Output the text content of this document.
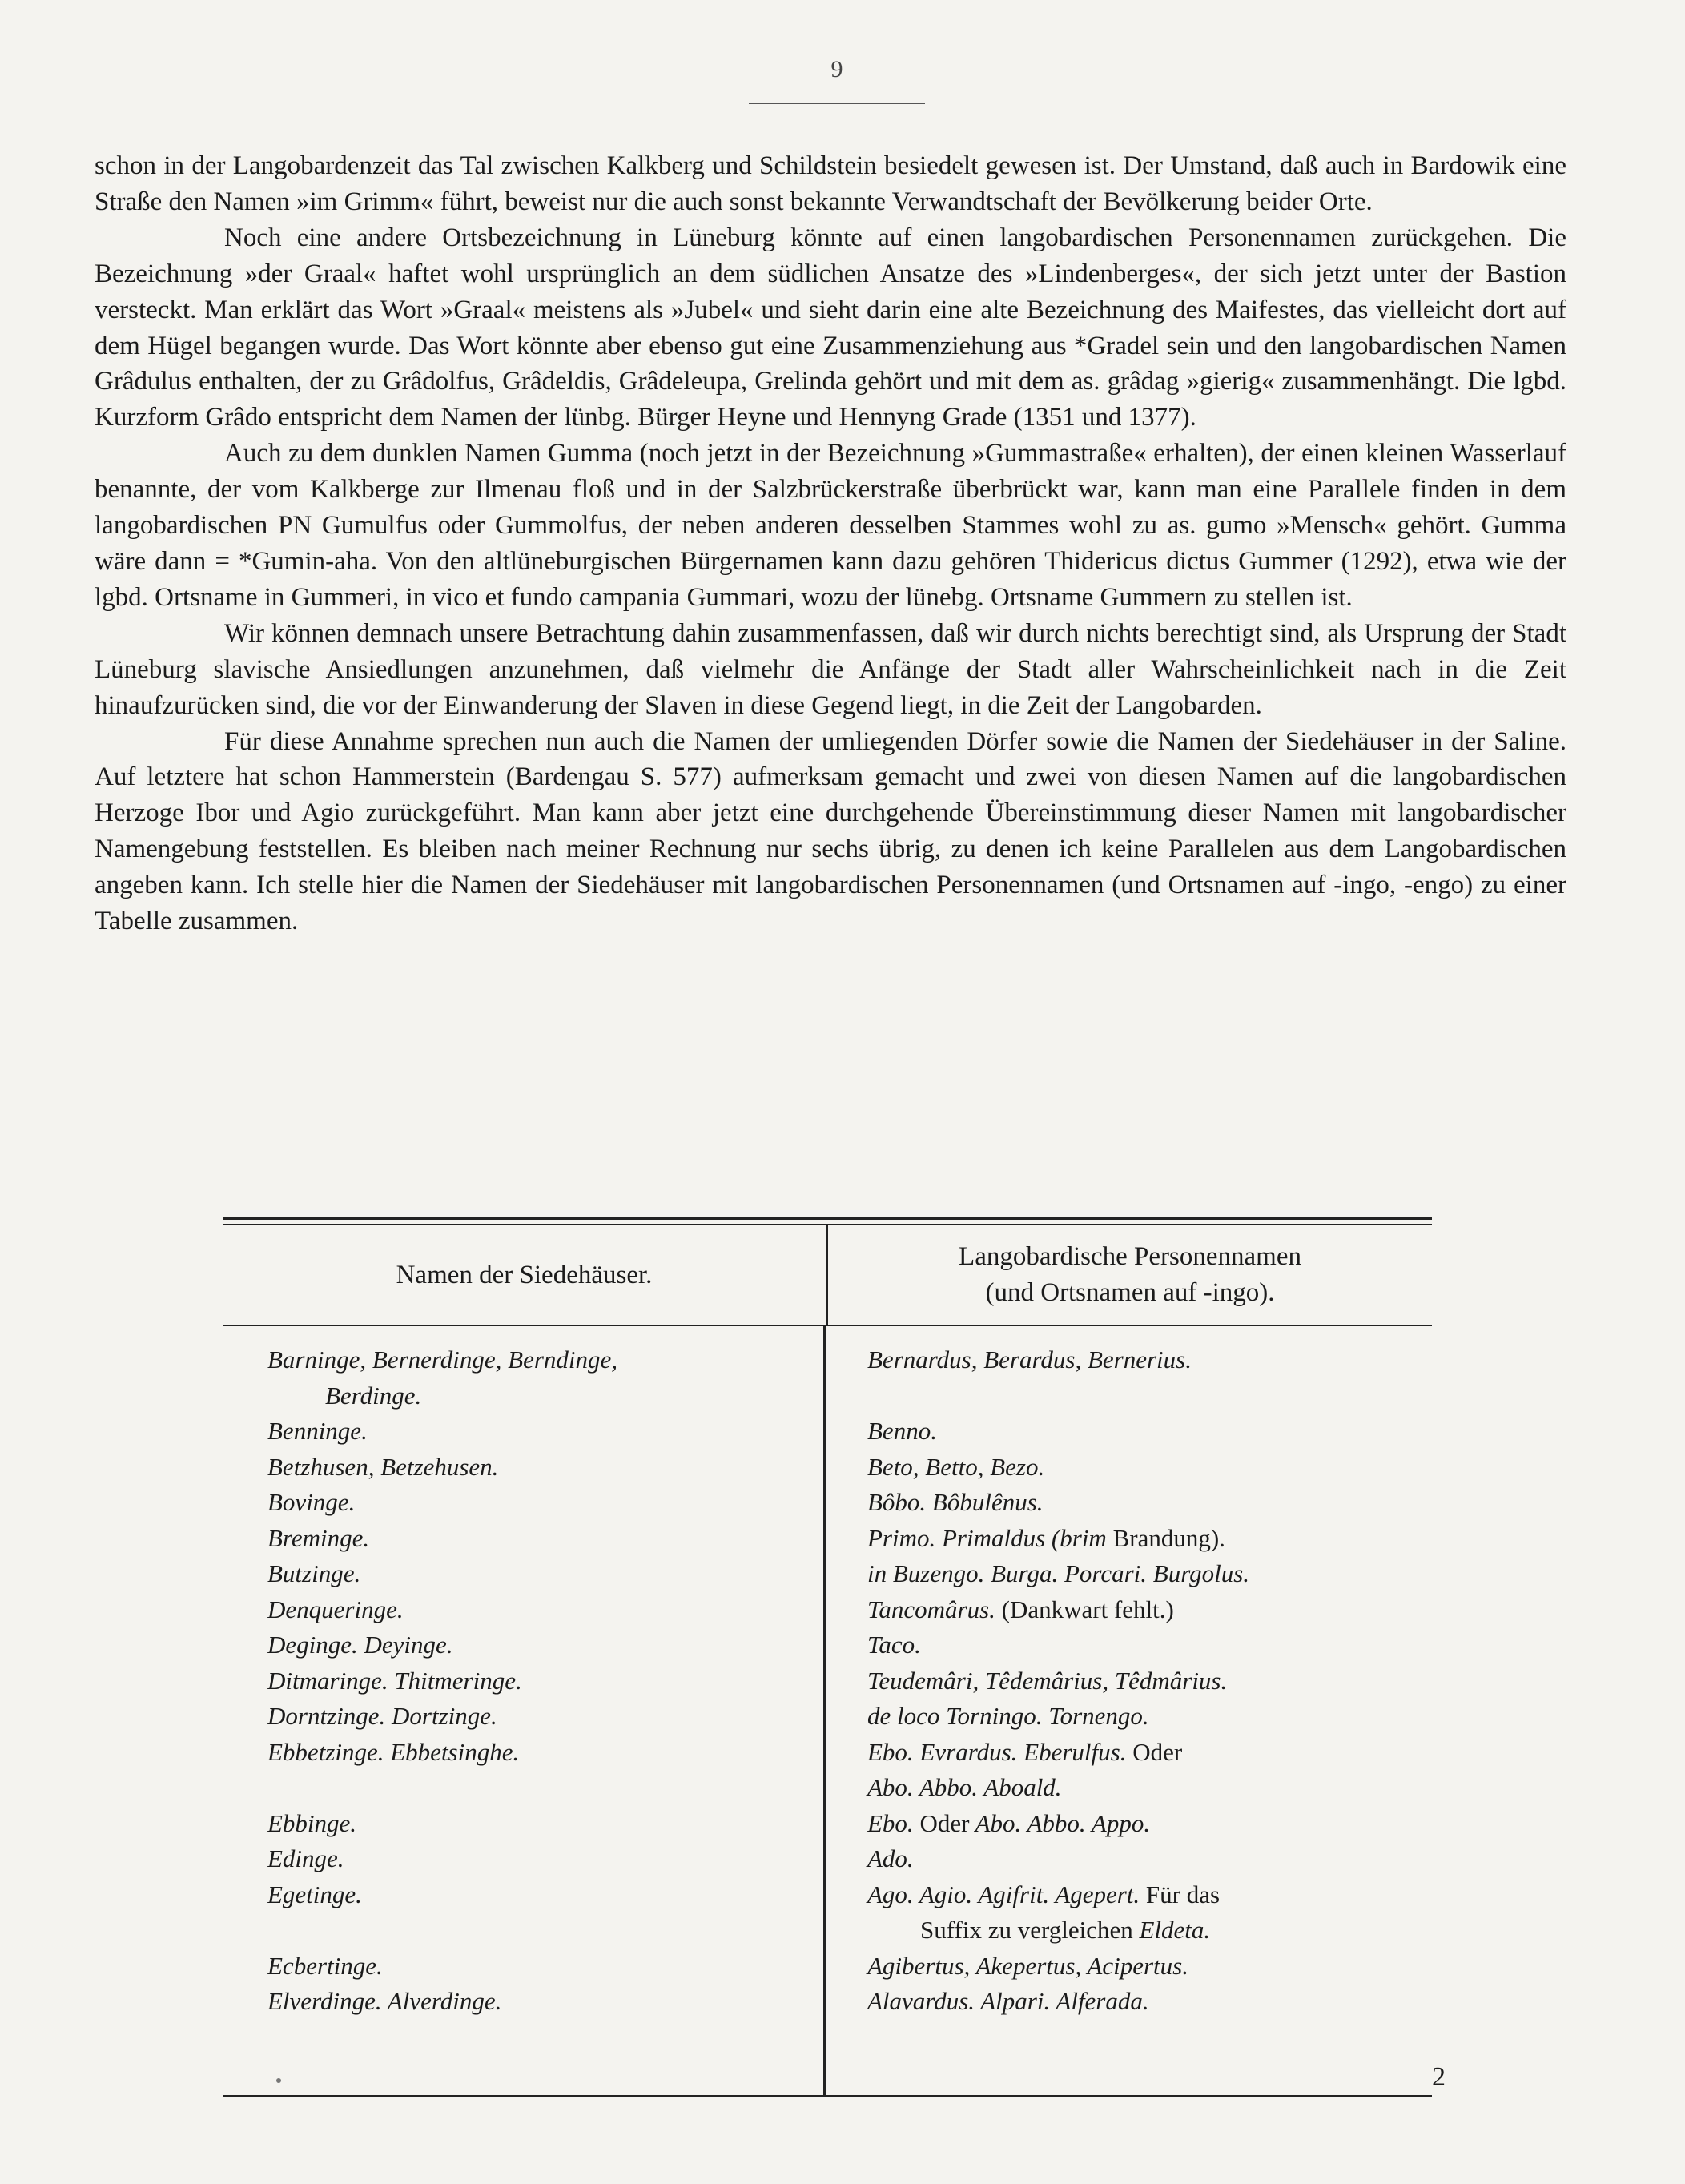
9

schon in der Langobardenzeit das Tal zwischen Kalkberg und Schildstein besiedelt gewesen ist. Der Umstand, daß auch in Bardowik eine Straße den Namen »im Grimm« führt, beweist nur die auch sonst bekannte Verwandtschaft der Bevölkerung beider Orte.

Noch eine andere Ortsbezeichnung in Lüneburg könnte auf einen langobardischen Personennamen zurückgehen. Die Bezeichnung »der Graal« haftet wohl ursprünglich an dem südlichen Ansatze des »Lindenberges«, der sich jetzt unter der Bastion versteckt. Man erklärt das Wort »Graal« meistens als »Jubel« und sieht darin eine alte Bezeichnung des Maifestes, das vielleicht dort auf dem Hügel begangen wurde. Das Wort könnte aber ebenso gut eine Zusammenziehung aus *Gradel sein und den langobardischen Namen Grâdulus enthalten, der zu Grâdolfus, Grâdeldis, Grâdeleupa, Grelinda gehört und mit dem as. grâdag »gierig« zusammenhängt. Die lgbd. Kurzform Grâdo entspricht dem Namen der lünbg. Bürger Heyne und Hennyng Grade (1351 und 1377).

Auch zu dem dunklen Namen Gumma (noch jetzt in der Bezeichnung »Gummastraße« erhalten), der einen kleinen Wasserlauf benannte, der vom Kalkberge zur Ilmenau floß und in der Salzbrückerstraße überbrückt war, kann man eine Parallele finden in dem langobardischen PN Gumulfus oder Gummolfus, der neben anderen desselben Stammes wohl zu as. gumo »Mensch« gehört. Gumma wäre dann = *Gumin-aha. Von den altlüneburgischen Bürgernamen kann dazu gehören Thidericus dictus Gummer (1292), etwa wie der lgbd. Ortsname in Gummeri, in vico et fundo campania Gummari, wozu der lünebg. Ortsname Gummern zu stellen ist.

Wir können demnach unsere Betrachtung dahin zusammenfassen, daß wir durch nichts berechtigt sind, als Ursprung der Stadt Lüneburg slavische Ansiedlungen anzunehmen, daß vielmehr die Anfänge der Stadt aller Wahrscheinlichkeit nach in die Zeit hinaufzurücken sind, die vor der Einwanderung der Slaven in diese Gegend liegt, in die Zeit der Langobarden.

Für diese Annahme sprechen nun auch die Namen der umliegenden Dörfer sowie die Namen der Siedehäuser in der Saline. Auf letztere hat schon Hammerstein (Bardengau S. 577) aufmerksam gemacht und zwei von diesen Namen auf die langobardischen Herzoge Ibor und Agio zurückgeführt. Man kann aber jetzt eine durchgehende Übereinstimmung dieser Namen mit langobardischer Namengebung feststellen. Es bleiben nach meiner Rechnung nur sechs übrig, zu denen ich keine Parallelen aus dem Langobardischen angeben kann. Ich stelle hier die Namen der Siedehäuser mit langobardischen Personennamen (und Ortsnamen auf -ingo, -engo) zu einer Tabelle zusammen.

Namen der Siedehäuser.
Langobardische Personennamen
(und Ortsnamen auf -ingo).
Barninge, Bernerdinge, Berndinge,
Berdinge.
Benninge.
Betzhusen, Betzehusen.
Bovinge.
Breminge.
Butzinge.
Denqueringe.
Deginge. Deyinge.
Ditmaringe. Thitmeringe.
Dorntzinge. Dortzinge.
Ebbetzinge. Ebbetsinghe.
Ebbinge.
Edinge.
Egetinge.
Ecbertinge.
Elverdinge. Alverdinge.
Bernardus, Berardus, Bernerius.
Benno.
Beto, Betto, Bezo.
Bôbo. Bôbulênus.
Primo. Primaldus (brim Brandung).
in Buzengo. Burga. Porcari. Burgolus.
Tancomârus. (Dankwart fehlt.)
Taco.
Teudemâri, Têdemârius, Têdmârius.
de loco Torningo. Tornengo.
Ebo. Evrardus. Eberulfus. Oder
Abo. Abbo. Aboald.
Ebo. Oder Abo. Abbo. Appo.
Ado.
Ago. Agio. Agifrit. Agepert. Für das
Suffix zu vergleichen Eldeta.
Agibertus, Akepertus, Acipertus.
Alavardus. Alpari. Alferada.
2
